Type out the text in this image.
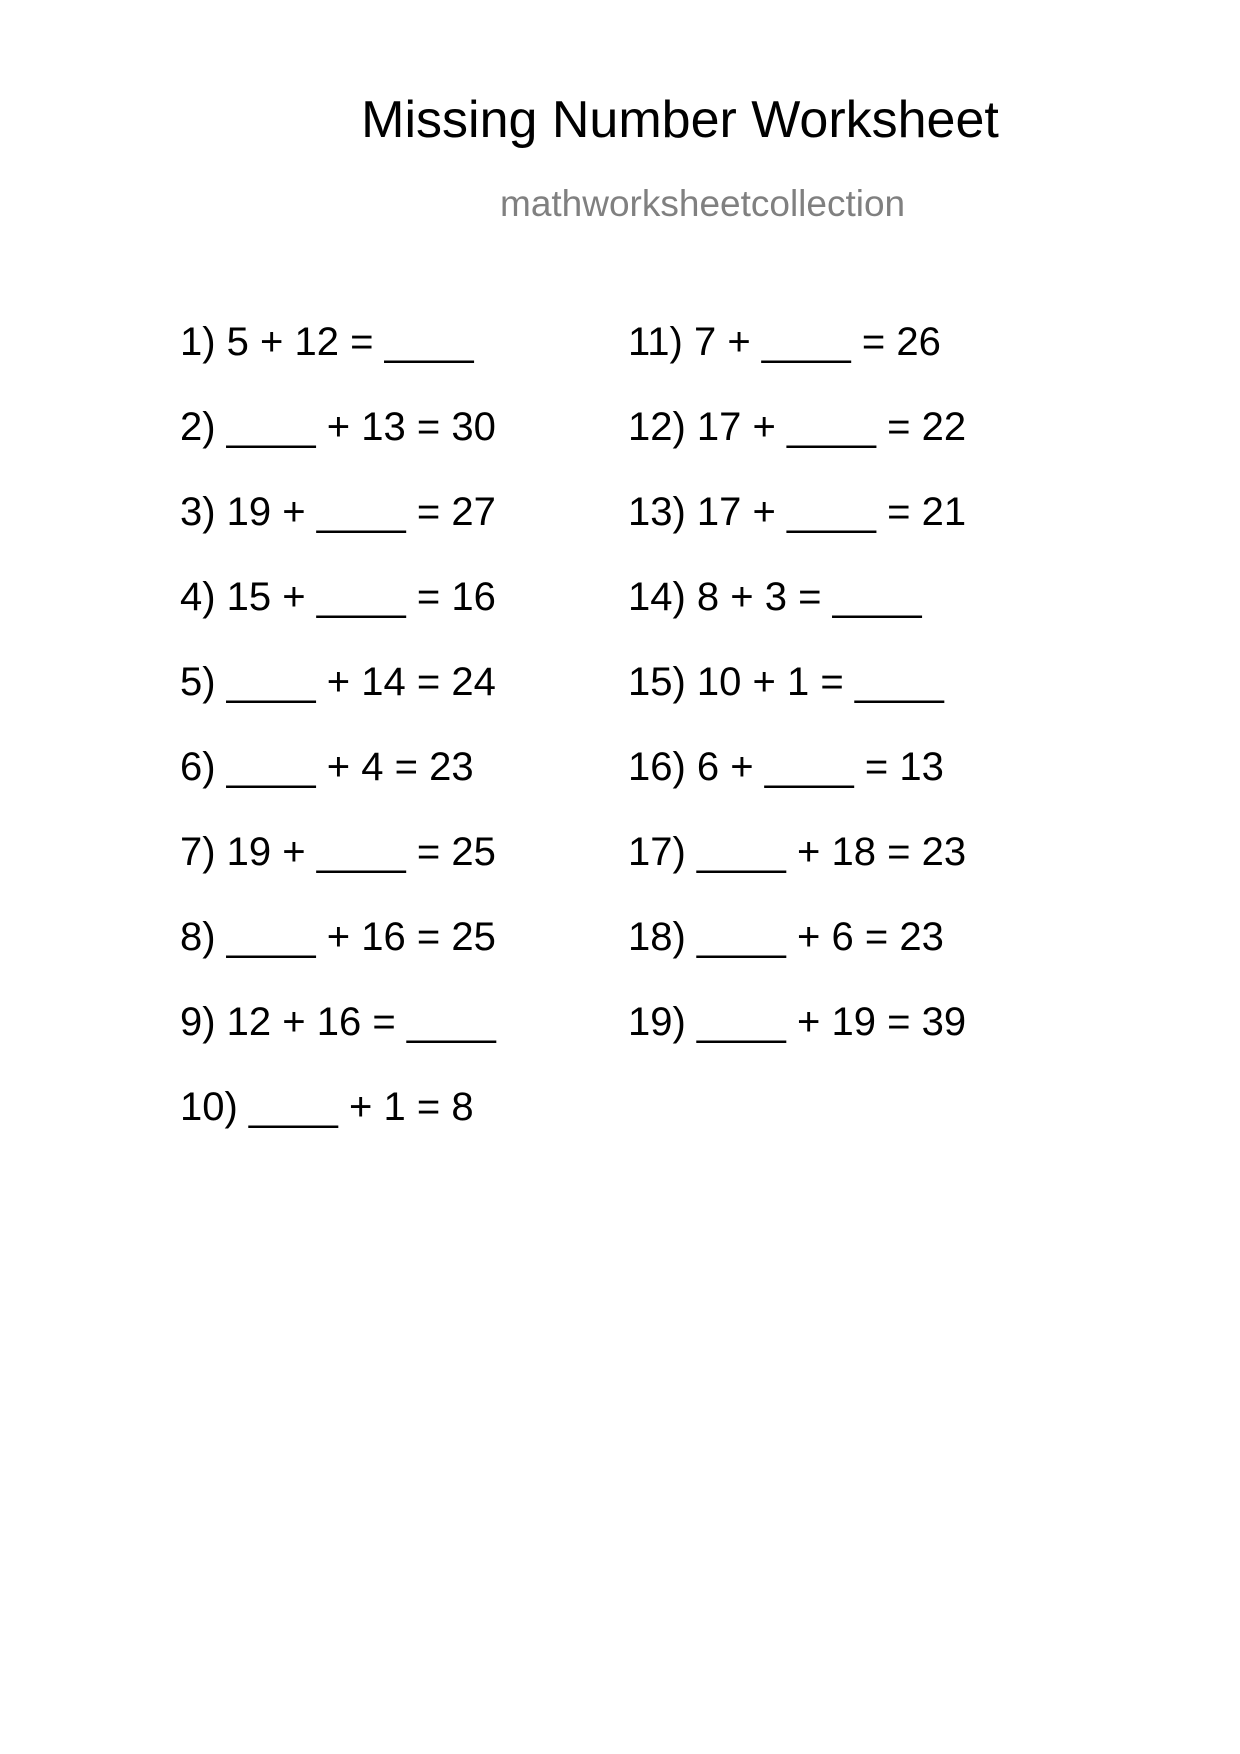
Missing Number Worksheet
mathworksheetcollection
1) 5 + 12 = ____
2) ____ + 13 = 30
3) 19 + ____ = 27
4) 15 + ____ = 16
5) ____ + 14 = 24
6) ____ + 4 = 23
7) 19 + ____ = 25
8) ____ + 16 = 25
9) 12 + 16 = ____
10) ____ + 1 = 8
11) 7 + ____ = 26
12) 17 + ____ = 22
13) 17 + ____ = 21
14) 8 + 3 = ____
15) 10 + 1 = ____
16) 6 + ____ = 13
17) ____ + 18 = 23
18) ____ + 6 = 23
19) ____ + 19 = 39
